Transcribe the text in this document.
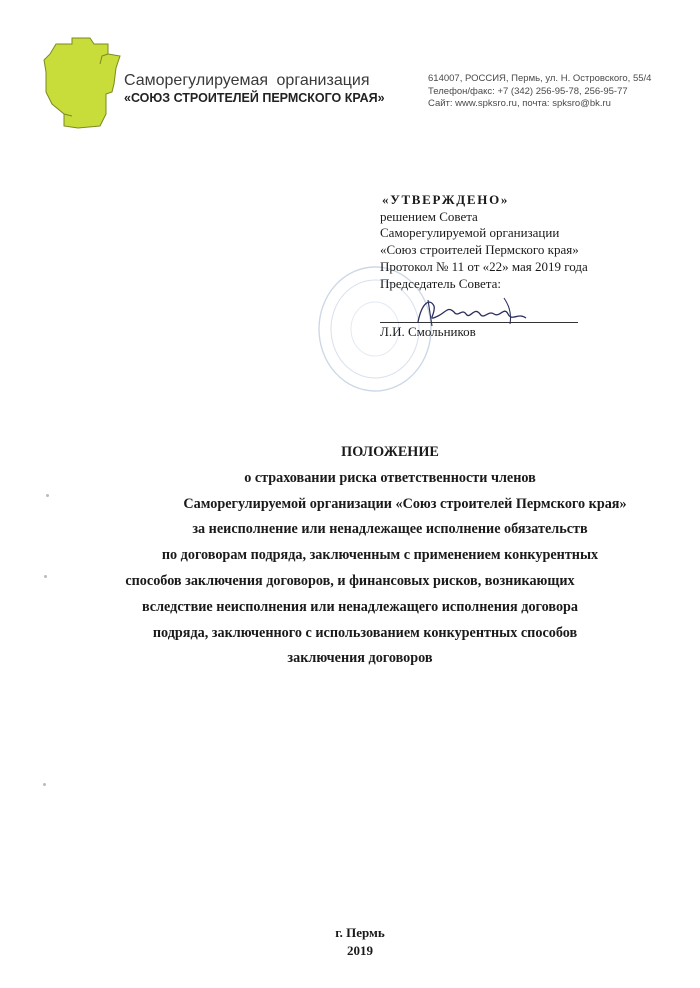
Саморегулируемая организация
«СОЮЗ СТРОИТЕЛЕЙ ПЕРМСКОГО КРАЯ»
614007, РОССИЯ, Пермь, ул. Н. Островского, 55/4
Телефон/факс: +7 (342) 256-95-78, 256-95-77
Сайт: www.spksro.ru, почта: spksro@bk.ru
«УТВЕРЖДЕНО»
решением Совета
Саморегулируемой организации
«Союз строителей Пермского края»
Протокол № 11 от «22» мая 2019 года
Председатель Совета:
Л.И. Смольников
ПОЛОЖЕНИЕ
о страховании риска ответственности членов
Саморегулируемой организации «Союз строителей Пермского края»
за неисполнение или ненадлежащее исполнение обязательств
по договорам подряда, заключенным с применением конкурентных
способов заключения договоров, и финансовых рисков, возникающих
вследствие неисполнения или ненадлежащего исполнения договора
подряда, заключенного с использованием конкурентных способов
заключения договоров
г. Пермь
2019
